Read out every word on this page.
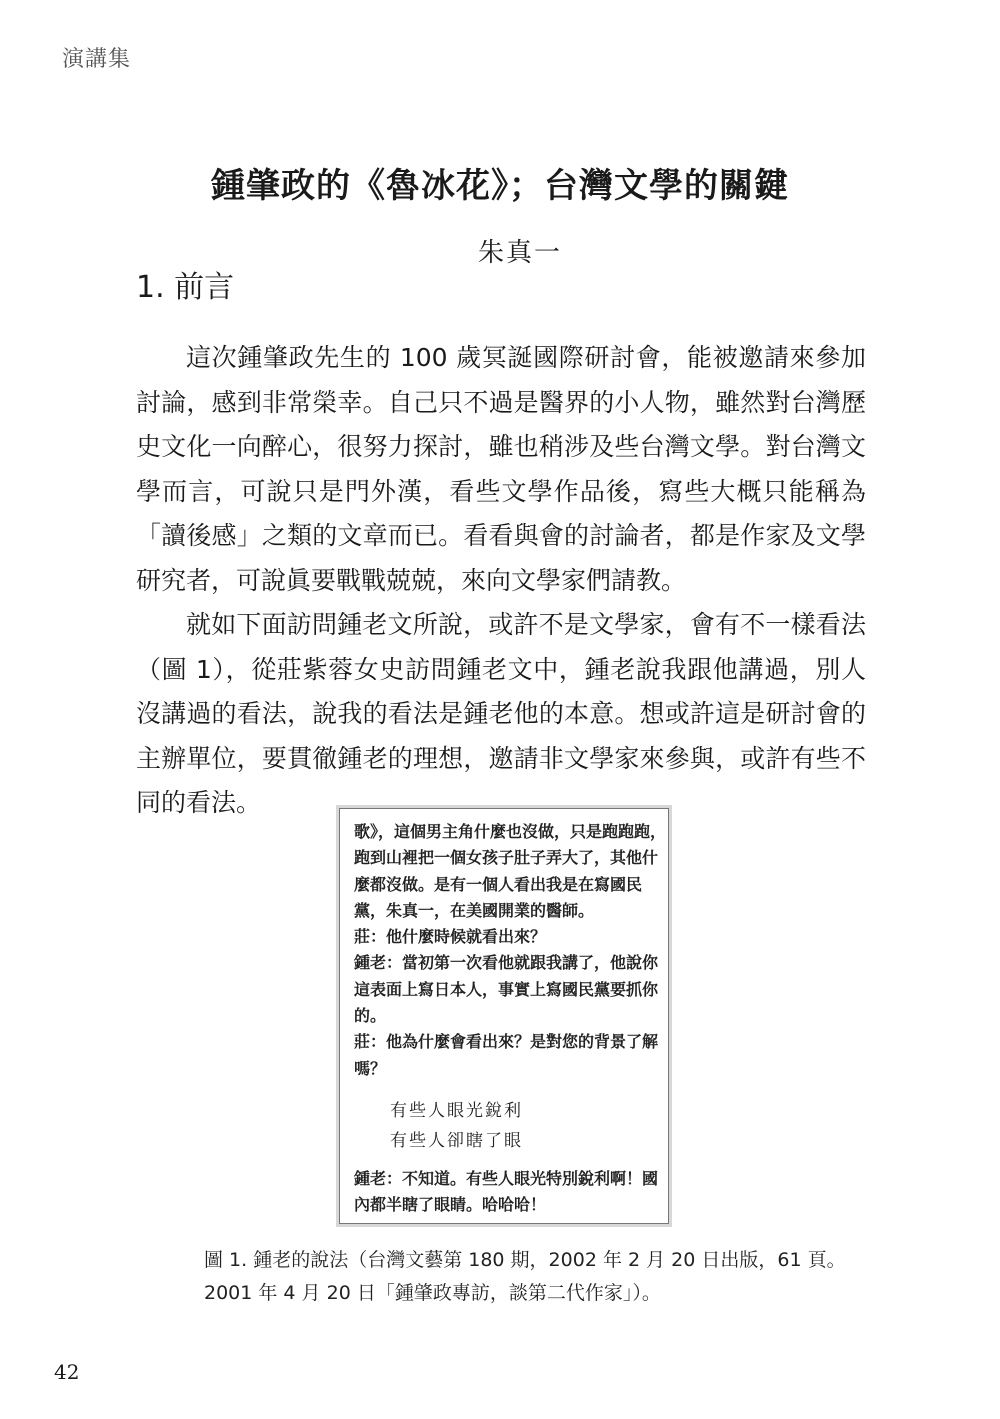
演講集
鍾肇政的《魯冰花》；台灣文學的關鍵
朱真一
1. 前言

這次鍾肇政先生的 100 歲冥誕國際研討會，能被邀請來參加討論，感到非常榮幸。自己只不過是醫界的小人物，雖然對台灣歷史文化一向醉心，很努力探討，雖也稍涉及些台灣文學。對台灣文學而言，可說只是門外漢，看些文學作品後，寫些大概只能稱為「讀後感」之類的文章而已。看看與會的討論者，都是作家及文學研究者，可說眞要戰戰兢兢，來向文學家們請教。

就如下面訪問鍾老文所說，或許不是文學家，會有不一樣看法（圖 1），從莊紫蓉女史訪問鍾老文中，鍾老說我跟他講過，別人沒講過的看法，說我的看法是鍾老他的本意。想或許這是研討會的主辦單位，要貫徹鍾老的理想，邀請非文學家來參與，或許有些不同的看法。

歌》，這個男主角什麼也沒做，只是跑跑跑，
跑到山裡把一個女孩子肚子弄大了，其他什
麼都沒做。是有一個人看出我是在寫國民
黨，朱真一，在美國開業的醫師。
莊：他什麼時候就看出來？
鍾老：當初第一次看他就跟我講了，他說你
這表面上寫日本人，事實上寫國民黨要抓你
的。
莊：他為什麼會看出來？是對您的背景了解
嗎？
有些人眼光銳利
有些人卻瞎了眼
鍾老：不知道。有些人眼光特別銳利啊！國
內都半瞎了眼睛。哈哈哈！
圖 1. 鍾老的說法（台灣文藝第 180 期，2002 年 2 月 20 日出版，61 頁。
2001 年 4 月 20 日「鍾肇政專訪，談第二代作家」）。
42
